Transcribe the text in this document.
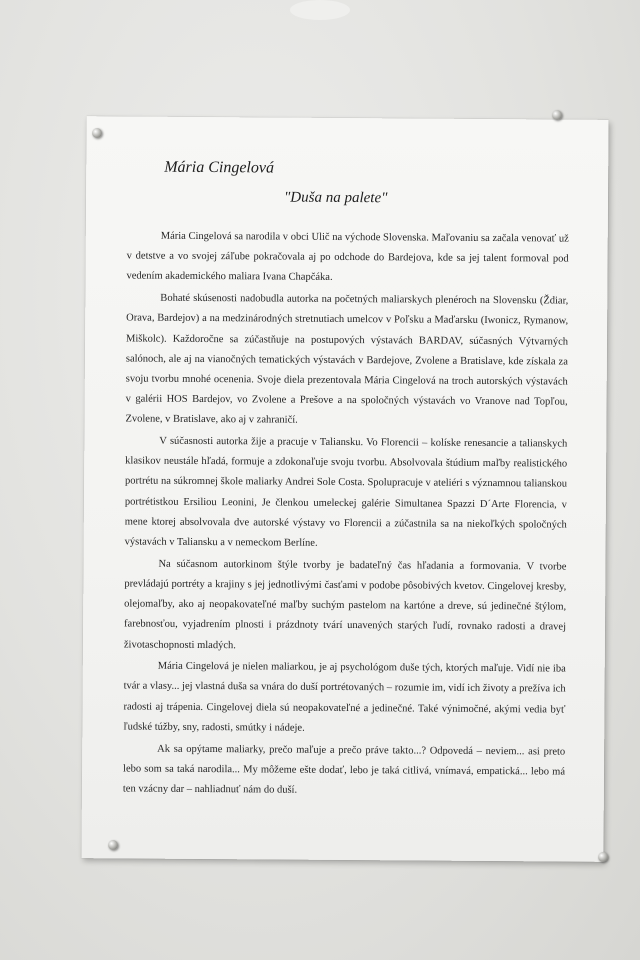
Mária Cingelová
"Duša na palete"

Mária Cingelová sa narodila v obci Ulič na východe Slovenska. Maľovaniu sa začala venovať už v detstve a vo svojej záľube pokračovala aj po odchode do Bardejova, kde sa jej talent formoval pod vedením akademického maliara Ivana Chapčáka.

Bohaté skúsenosti nadobudla autorka na početných maliarskych plenéroch na Slovensku (Ždiar, Orava, Bardejov) a na medzinárodných stretnutiach umelcov v Poľsku a Maďarsku (Iwonicz, Rymanow, Miškolc). Každoročne sa zúčastňuje na postupových výstavách BARDAV, súčasných Výtvarných salónoch, ale aj na vianočných tematických výstavách v Bardejove, Zvolene a Bratislave, kde získala za svoju tvorbu mnohé ocenenia. Svoje diela prezentovala Mária Cingelová na troch autorských výstavách v galérii HOS Bardejov, vo Zvolene a Prešove a na spoločných výstavách vo Vranove nad Topľou, Zvolene, v Bratislave, ako aj v zahraničí.

V súčasnosti autorka žije a pracuje v Taliansku. Vo Florencii – kolíske renesancie a talianskych klasikov neustále hľadá, formuje a zdokonaľuje svoju tvorbu. Absolvovala štúdium maľby realistického portrétu na súkromnej škole maliarky Andrei Sole Costa. Spolupracuje v ateliéri s významnou talianskou portrétistkou Ersiliou Leonini, Je členkou umeleckej galérie Simultanea Spazzi D´Arte Florencia, v mene ktorej absolvovala dve autorské výstavy vo Florencii a zúčastnila sa na niekoľkých spoločných výstavách v Taliansku a v nemeckom Berlíne.

Na súčasnom autorkinom štýle tvorby je badateľný čas hľadania a formovania. V tvorbe prevládajú portréty a krajiny s jej jednotlivými časťami v podobe pôsobivých kvetov. Cingelovej kresby, olejomaľby, ako aj neopakovateľné maľby suchým pastelom na kartóne a dreve, sú jedinečné štýlom, farebnosťou, vyjadrením plnosti i prázdnoty tvárí unavených starých ľudí, rovnako radosti a dravej životaschopnosti mladých.

Mária Cingelová je nielen maliarkou, je aj psychológom duše tých, ktorých maľuje. Vidí nie iba tvár a vlasy... jej vlastná duša sa vnára do duší portrétovaných – rozumie im, vidí ich životy a prežíva ich radosti aj trápenia. Cingelovej diela sú neopakovateľné a jedinečné. Také výnimočné, akými vedia byť ľudské túžby, sny, radosti, smútky i nádeje.

Ak sa opýtame maliarky, prečo maľuje a prečo práve takto...? Odpovedá – neviem... asi preto lebo som sa taká narodila... My môžeme ešte dodať, lebo je taká citlivá, vnímavá, empatická... lebo má ten vzácny dar – nahliadnuť nám do duší.
